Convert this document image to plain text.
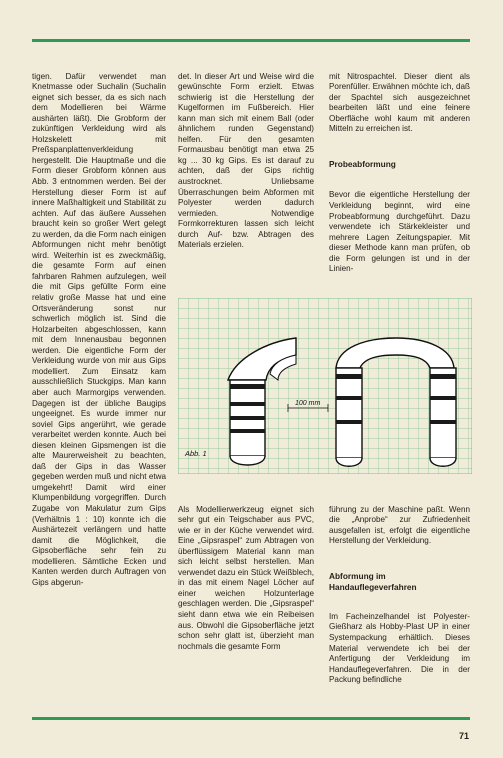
tigen. Dafür verwendet man Knetmasse oder Suchalin (Suchalin eignet sich besser, da es sich nach dem Modellieren bei Wärme aushärten läßt). Die Grobform der zukünftigen Verkleidung wird als Holzskelett mit Preßspanplattenverkleidung hergestellt. Die Hauptmaße und die Form dieser Grobform können aus Abb. 3 entnommen werden. Bei der Herstellung dieser Form ist auf innere Maßhaltigkeit und Stabilität zu achten. Auf das äußere Aussehen braucht kein so großer Wert gelegt zu werden, da die Form nach einigen Abformungen nicht mehr benötigt wird. Weiterhin ist es zweckmäßig, die gesamte Form auf einen fahrbaren Rahmen aufzulegen, weil die mit Gips gefüllte Form eine relativ große Masse hat und eine Ortsveränderung sonst nur schwerlich möglich ist. Sind die Holzarbeiten abgeschlossen, kann mit dem Innenausbau begonnen werden. Die eigentliche Form der Verkleidung wurde von mir aus Gips modelliert. Zum Einsatz kam ausschließlich Stuckgips. Man kann aber auch Marmorgips verwenden. Dagegen ist der übliche Baugips ungeeignet. Es wurde immer nur soviel Gips angerührt, wie gerade verarbeitet werden konnte. Auch bei diesen kleinen Gipsmengen ist die alte Maurerweisheit zu beachten, daß der Gips in das Wasser gegeben werden muß und nicht etwa umgekehrt! Damit wird einer Klumpenbildung vorgegriffen. Durch Zugabe von Makulatur zum Gips (Verhältnis 1 : 10) konnte ich die Aushärtezeit verlängern und hatte damit die Möglichkeit, die Gipsoberfläche sehr fein zu modellieren. Sämtliche Ecken und Kanten werden durch Auftragen von Gips abgerun-

det. In dieser Art und Weise wird die gewünschte Form erzielt. Etwas schwierig ist die Herstellung der Kugelformen im Fußbereich. Hier kann man sich mit einem Ball (oder ähnlichem runden Gegenstand) helfen. Für den gesamten Formausbau benötigt man etwa 25 kg ... 30 kg Gips. Es ist darauf zu achten, daß der Gips richtig austrocknet. Unliebsame Überraschungen beim Abformen mit Polyester werden dadurch vermieden. Notwendige Formkorrekturen lassen sich leicht durch Auf- bzw. Abtragen des Materials erzielen.

mit Nitrospachtel. Dieser dient als Porenfüller. Erwähnen möchte ich, daß der Spachtel sich ausgezeichnet bearbeiten läßt und eine feinere Oberfläche wohl kaum mit anderen Mitteln zu erreichen ist.

Probeabformung

Bevor die eigentliche Herstellung der Verkleidung beginnt, wird eine Probeabformung durchgeführt. Dazu verwendete ich Stärkekleister und mehrere Lagen Zeitungspapier. Mit dieser Methode kann man prüfen, ob die Form gelungen ist und in der Linien-

100 mm
Abb. 1

Als Modellierwerkzeug eignet sich sehr gut ein Teigschaber aus PVC, wie er in der Küche verwendet wird. Eine „Gipsraspel“ zum Abtragen von überflüssigem Material kann man sich leicht selbst herstellen. Man verwendet dazu ein Stück Weißblech, in das mit einem Nagel Löcher auf einer weichen Holzunterlage geschlagen werden. Die „Gipsraspel“ sieht dann etwa wie ein Reibeisen aus. Obwohl die Gipsoberfläche jetzt schon sehr glatt ist, überzieht man nochmals die gesamte Form

führung zu der Maschine paßt. Wenn die „Anprobe“ zur Zufriedenheit ausgefallen ist, erfolgt die eigentliche Herstellung der Verkleidung.

Abformung im Handauflegeverfahren

Im Facheinzelhandel ist Polyester-Gießharz als Hobby-Plast UP in einer Systempackung erhältlich. Dieses Material verwendete ich bei der Anfertigung der Verkleidung im Handauflegeverfahren. Die in der Packung befindliche

71
